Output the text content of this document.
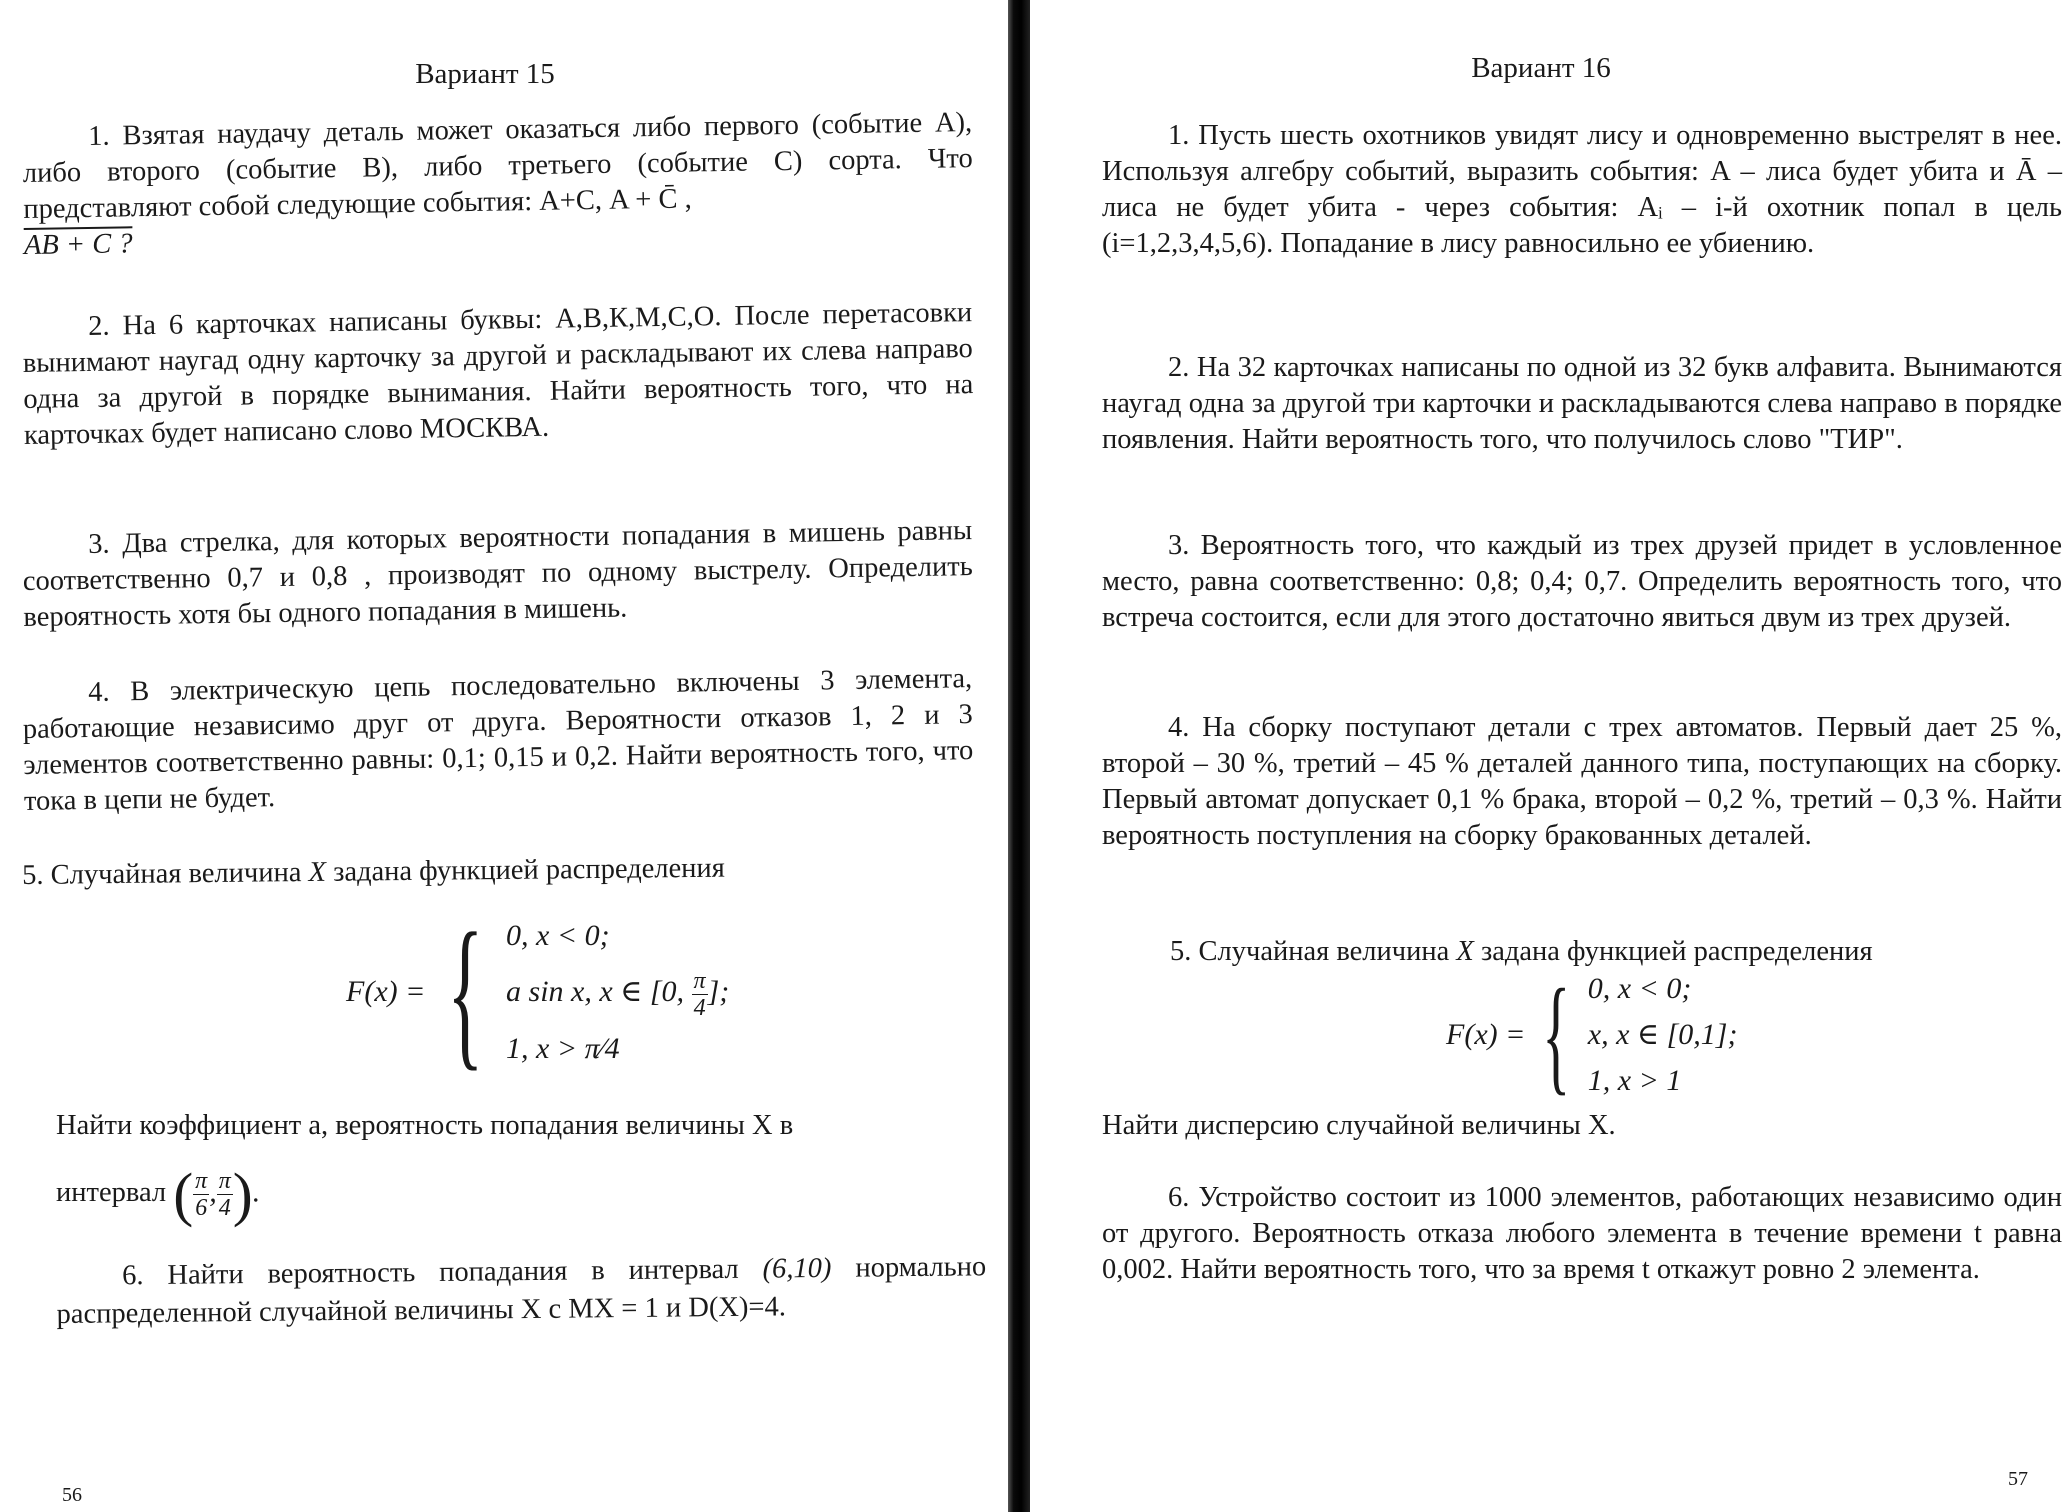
Вариант 15

1. Взятая наудачу деталь может оказаться либо первого (событие А), либо второго (событие В), либо третьего (событие С) сорта. Что представляют собой следующие события: А+С, A + C̄ ,

AB + C ?

2. На 6 карточках написаны буквы: А,В,К,М,С,О. После перетасовки вынимают наугад одну карточку за другой и раскладывают их слева направо одна за другой в порядке вынимания. Найти вероятность того, что на карточках будет написано слово МОСКВА.

3. Два стрелка, для которых вероятности попадания в мишень равны соответственно 0,7 и 0,8 , производят по одному выстрелу. Определить вероятность хотя бы одного попадания в мишень.

4. В электрическую цепь последовательно включены 3 элемента, работающие независимо друг от друга. Вероятности отказов 1, 2 и 3 элементов соответственно равны: 0,1; 0,15 и 0,2. Найти вероятность того, что тока в цепи не будет.

5. Случайная величина X задана функцией распределения

F(x) = { 0, x < 0;
a sin x, x ∈ [0, $\frac{\pi}{4}$ ];
1, x > π⁄4

Найти коэффициент a, вероятность попадания величины X в

интервал ( $\frac{\pi}{6}$ , $\frac{\pi}{4}$ ).

6. Найти вероятность попадания в интервал (6,10) нормально распределенной случайной величины X с MX = 1 и D(X)=4.

56
Вариант 16

1. Пусть шесть охотников увидят лису и одновременно выстрелят в нее. Используя алгебру событий, выразить события: A – лиса будет убита и Ā – лиса не будет убита - через события: Aᵢ – i-й охотник попал в цель (i=1,2,3,4,5,6). Попадание в лису равносильно ее убиению.

2. На 32 карточках написаны по одной из 32 букв алфавита. Вынимаются наугад одна за другой три карточки и раскладываются слева направо в порядке появления. Найти вероятность того, что получилось слово "ТИР".

3. Вероятность того, что каждый из трех друзей придет в условленное место, равна соответственно: 0,8; 0,4; 0,7. Определить вероятность того, что встреча состоится, если для этого достаточно явиться двум из трех друзей.

4. На сборку поступают детали с трех автоматов. Первый дает 25 %, второй – 30 %, третий – 45 % деталей данного типа, поступающих на сборку. Первый автомат допускает 0,1 % брака, второй – 0,2 %, третий – 0,3 %. Найти вероятность поступления на сборку бракованных деталей.

5. Случайная величина X задана функцией распределения

Найти дисперсию случайной величины X.

6. Устройство состоит из 1000 элементов, работающих независимо один от другого. Вероятность отказа любого элемента в течение времени t равна 0,002. Найти вероятность того, что за время t откажут ровно 2 элемента.

F(x) = { 0, x < 0;
x, x ∈ [0,1];
1, x > 1
57
